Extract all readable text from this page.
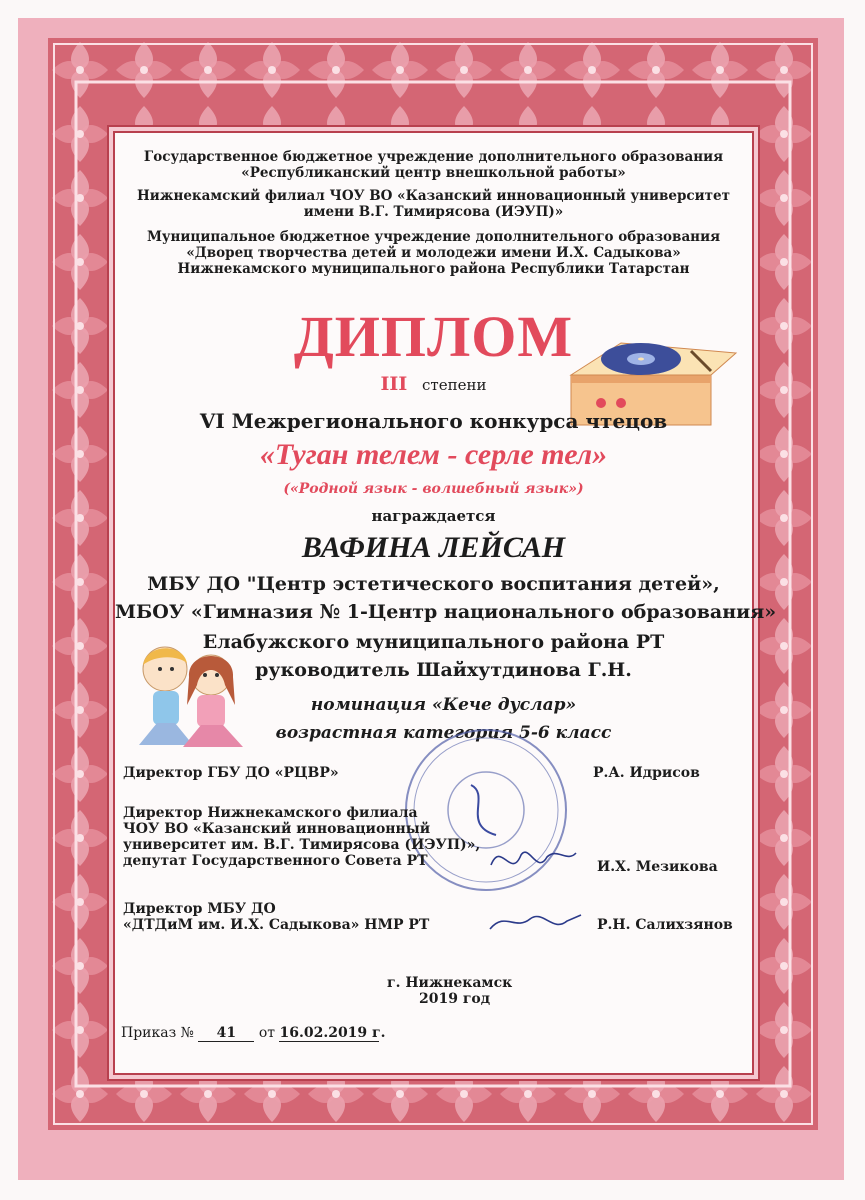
Государственное бюджетное учреждение дополнительного образования
«Республиканский центр внешкольной работы»
Нижнекамский филиал ЧОУ ВО «Казанский инновационный университет
имени В.Г. Тимирясова (ИЭУП)»
Муниципальное бюджетное учреждение дополнительного образования
«Дворец творчества детей и молодежи имени И.Х. Садыкова»
Нижнекамского муниципального района Республики Татарстан
ДИПЛОМ
III степени
VI Межрегионального конкурса чтецов
«Туган телем - серле тел»
(«Родной язык - волшебный язык»)
награждается
ВАФИНА ЛЕЙСАН
МБУ ДО "Центр эстетического воспитания детей»,
МБОУ «Гимназия № 1-Центр национального образования»
Елабужского муниципального района РТ
руководитель Шайхутдинова Г.Н.
номинация «Кече дуслар»
возрастная категория 5-6 класс
Директор ГБУ ДО «РЦВР»	Р.А. Идрисов
Директор Нижнекамского филиала
ЧОУ ВО «Казанский инновационный
университет им. В.Г. Тимирясова (ИЭУП)»,
депутат Государственного Совета РТ	И.Х. Мезикова
Директор МБУ ДО
«ДТДиМ им. И.Х. Садыкова» НМР РТ	Р.Н. Салихзянов
г. Нижнекамск
2019 год
Приказ № 41 от 16.02.2019 г.
